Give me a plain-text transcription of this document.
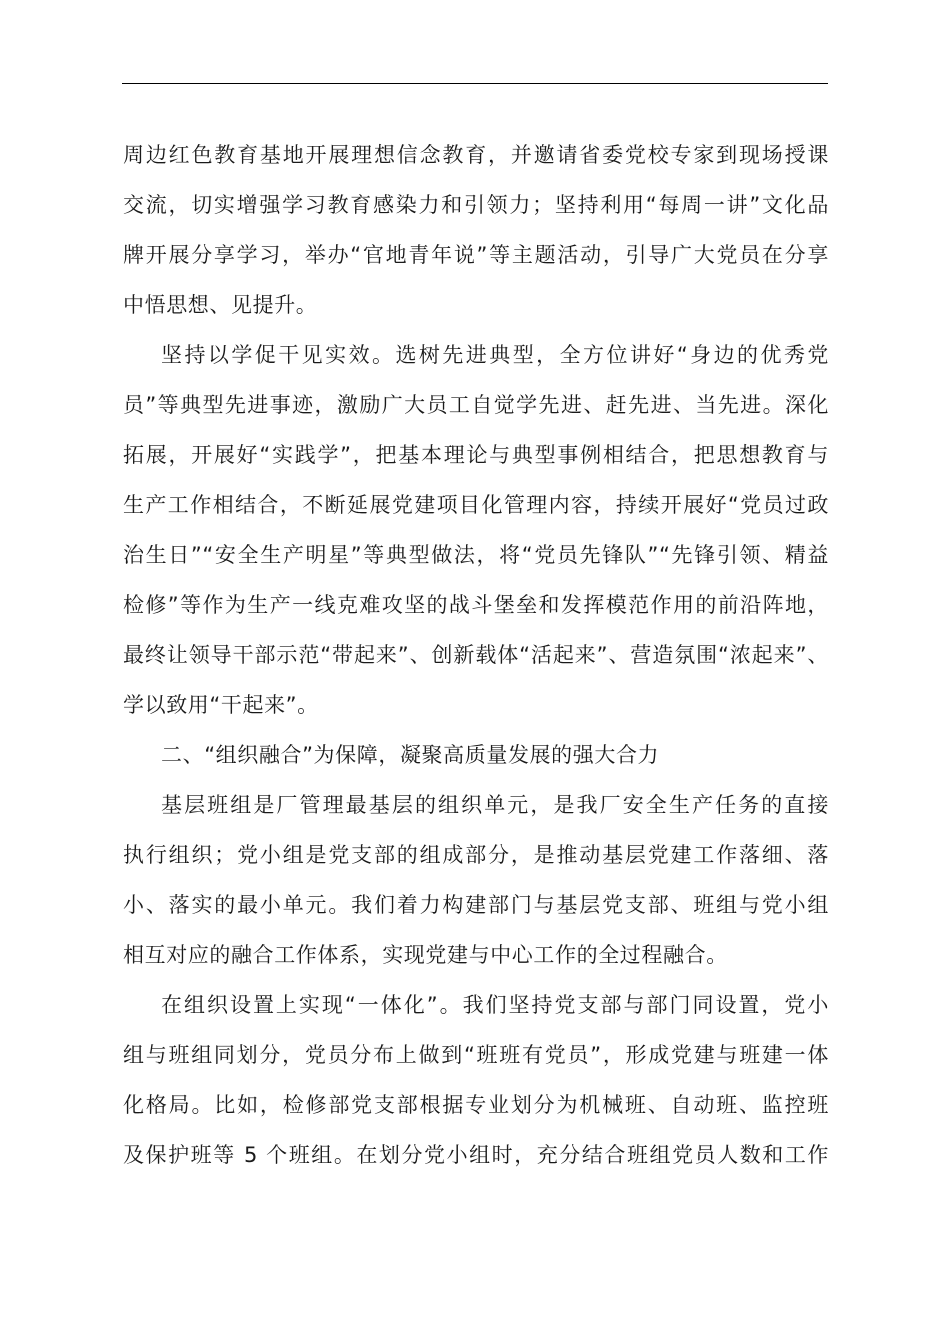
周边红色教育基地开展理想信念教育，并邀请省委党校专家到现场授课
交流，切实增强学习教育感染力和引领力；坚持利用“每周一讲”文化品
牌开展分享学习，举办“官地青年说”等主题活动，引导广大党员在分享
中悟思想、见提升。
坚持以学促干见实效。选树先进典型，全方位讲好“身边的优秀党
员”等典型先进事迹，激励广大员工自觉学先进、赶先进、当先进。深化
拓展，开展好“实践学”，把基本理论与典型事例相结合，把思想教育与
生产工作相结合，不断延展党建项目化管理内容，持续开展好“党员过政
治生日”“安全生产明星”等典型做法，将“党员先锋队”“先锋引领、精益
检修”等作为生产一线克难攻坚的战斗堡垒和发挥模范作用的前沿阵地，
最终让领导干部示范“带起来”、创新载体“活起来”、营造氛围“浓起来”、
学以致用“干起来”。
二、“组织融合”为保障，凝聚高质量发展的强大合力
基层班组是厂管理最基层的组织单元，是我厂安全生产任务的直接
执行组织；党小组是党支部的组成部分，是推动基层党建工作落细、落
小、落实的最小单元。我们着力构建部门与基层党支部、班组与党小组
相互对应的融合工作体系，实现党建与中心工作的全过程融合。
在组织设置上实现“一体化”。我们坚持党支部与部门同设置，党小
组与班组同划分，党员分布上做到“班班有党员”，形成党建与班建一体
化格局。比如，检修部党支部根据专业划分为机械班、自动班、监控班
及保护班等 5 个班组。在划分党小组时，充分结合班组党员人数和工作
